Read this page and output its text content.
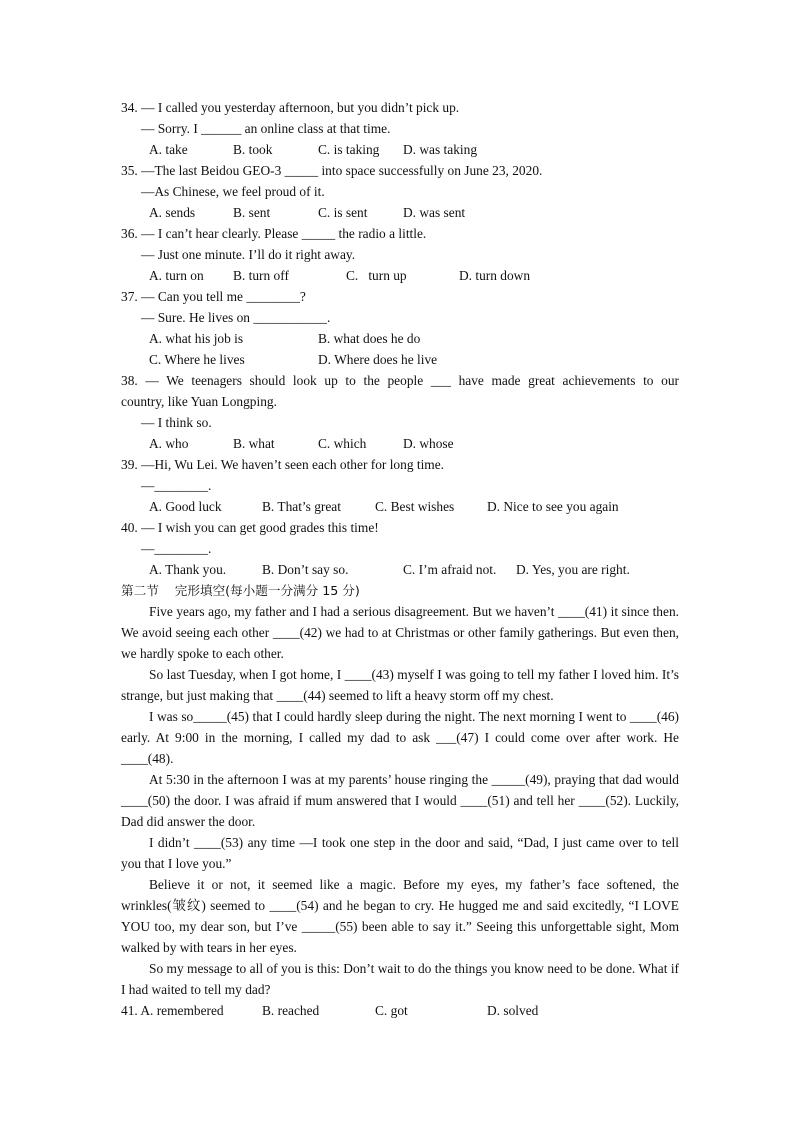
34. — I called you yesterday afternoon, but you didn’t pick up.
— Sorry. I ______ an online class at that time.

A. take

	B. took

	C. is taking

D. was taking

35. —The last Beidou GEO-3 _____ into space successfully on June 23, 2020.
—As Chinese, we feel proud of it.

A. sends

	B. sent

	C. is sent

	D. was sent

36. — I can’t hear clearly. Please _____ the radio a little.
— Just one minute. I’ll do it right away.

A. turn on

B. turn off

	C.   turn up

	D. turn down

37. — Can you tell me ________?
— Sure. He lives on ___________.

A. what his job is

	B. what does he do

C. Where he lives

	D. Where does he live

38. — We teenagers should look up to the people ___ have made great achievements to our
country, like Yuan Longping.
— I think so.

A. who

	B. what

	C. which

	D. whose

39. —Hi, Wu Lei. We haven’t seen each other for long time.
—________.

A. Good luck

	B. That’s great

	C. Best wishes

D. Nice to see you again

40. — I wish you can get good grades this time!
—________.

A. Thank you.

	B. Don’t say so.

	C. I’m afraid not.

D. Yes, you are right.

第二节    完形填空(每小题一分满分 15 分)
Five years ago, my father and I had a serious disagreement. But we haven’t ____(41) it since then. We avoid seeing each other ____(42) we had to at Christmas or other family gatherings. But even then, we hardly spoke to each other.
So last Tuesday, when I got home, I ____(43) myself I was going to tell my father I loved him. It’s strange, but just making that ____(44) seemed to lift a heavy storm off my chest.
I was so_____(45) that I could hardly sleep during the night. The next morning I went to ____(46) early. At 9:00 in the morning, I called my dad to ask ___(47) I could come over after work. He ____(48).
At 5:30 in the afternoon I was at my parents’ house ringing the _____(49), praying that dad would ____(50) the door. I was afraid if mum answered that I would ____(51) and tell her ____(52). Luckily, Dad did answer the door.
I didn’t ____(53) any time —I took one step in the door and said, “Dad, I just came over to tell you that I love you.”
Believe it or not, it seemed like a magic. Before my eyes, my father’s face softened, the wrinkles(皱纹) seemed to ____(54) and he began to cry. He hugged me and said excitedly, “I LOVE YOU too, my dear son, but I’ve _____(55) been able to say it.” Seeing this unforgettable sight, Mom walked by with tears in her eyes.
So my message to all of you is this: Don’t wait to do the things you know need to be done. What if I had waited to tell my dad?

41. A. remembered

	B. reached

	C. got

	D. solved
